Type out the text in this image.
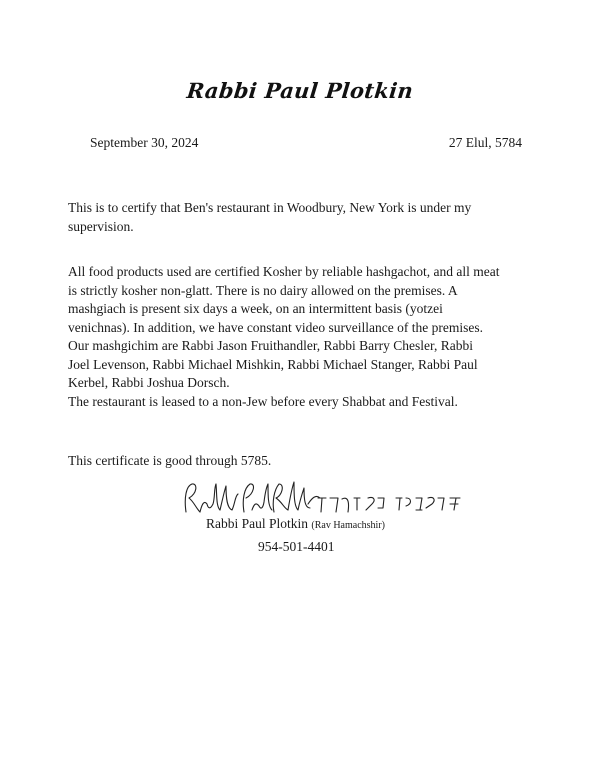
Rabbi Paul Plotkin
September 30, 2024	27 Elul, 5784
This is to certify that Ben's restaurant in Woodbury, New York is under my supervision.
All food products used are certified Kosher by reliable hashgachot, and all meat
is strictly kosher non-glatt. There is no dairy allowed on the premises. A
mashgiach is present six days a week, on an intermittent basis (yotzei
venichnas). In addition, we have constant video surveillance of the premises.
Our mashgichim are Rabbi Jason Fruithandler, Rabbi Barry Chesler, Rabbi
Joel Levenson, Rabbi Michael Mishkin, Rabbi Michael Stanger, Rabbi Paul
Kerbel, Rabbi Joshua Dorsch.
The restaurant is leased to a non-Jew before every Shabbat and Festival.
This certificate is good through 5785.
Rabbi Paul Plotkin (Rav Hamachshir)
954-501-4401
